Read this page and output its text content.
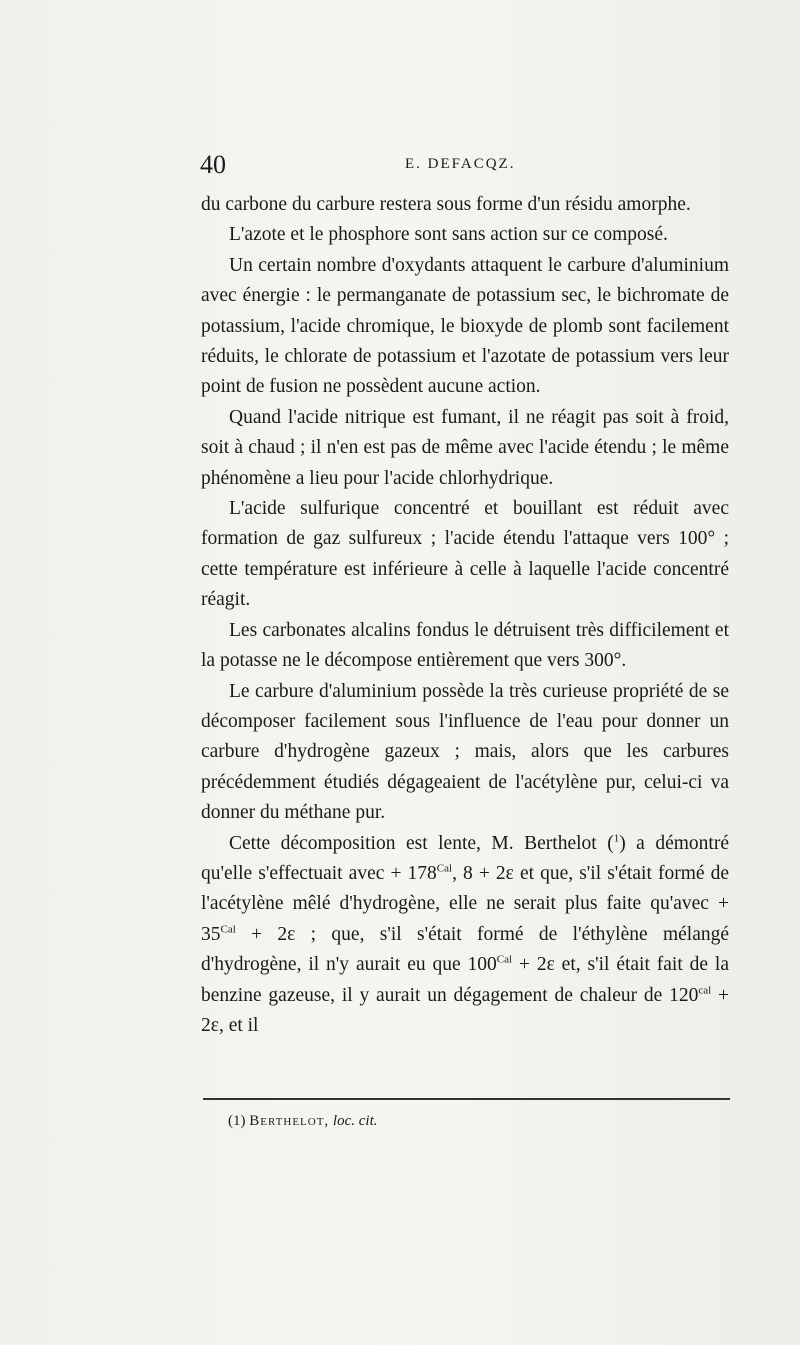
40	E. DEFACQZ.

du carbone du carbure restera sous forme d'un résidu amorphe.

L'azote et le phosphore sont sans action sur ce composé.

Un certain nombre d'oxydants attaquent le carbure d'aluminium avec énergie : le permanganate de potassium sec, le bichromate de potassium, l'acide chromique, le bioxyde de plomb sont facilement réduits, le chlorate de potassium et l'azotate de potassium vers leur point de fusion ne possèdent aucune action.

Quand l'acide nitrique est fumant, il ne réagit pas soit à froid, soit à chaud ; il n'en est pas de même avec l'acide étendu ; le même phénomène a lieu pour l'acide chlorhydrique.

L'acide sulfurique concentré et bouillant est réduit avec formation de gaz sulfureux ; l'acide étendu l'attaque vers 100° ; cette température est inférieure à celle à laquelle l'acide concentré réagit.

Les carbonates alcalins fondus le détruisent très difficilement et la potasse ne le décompose entièrement que vers 300°.

Le carbure d'aluminium possède la très curieuse propriété de se décomposer facilement sous l'influence de l'eau pour donner un carbure d'hydrogène gazeux ; mais, alors que les carbures précédemment étudiés dégageaient de l'acétylène pur, celui-ci va donner du méthane pur.

Cette décomposition est lente, M. Berthelot ($^1$) a démontré qu'elle s'effectuait avec + $178^{Cal}$, 8 + 2ε et que, s'il s'était formé de l'acétylène mêlé d'hydrogène, elle ne serait plus faite qu'avec + $35^{Cal} + 2\varepsilon$ ; que, s'il s'était formé de l'éthylène mélangé d'hydrogène, il n'y aurait eu que $100^{Cal} + 2\varepsilon$ et, s'il était fait de la benzine gazeuse, il y aurait un dégagement de chaleur de $120^{cal} + 2\varepsilon$, et il

(1) Berthelot, loc. cit.
